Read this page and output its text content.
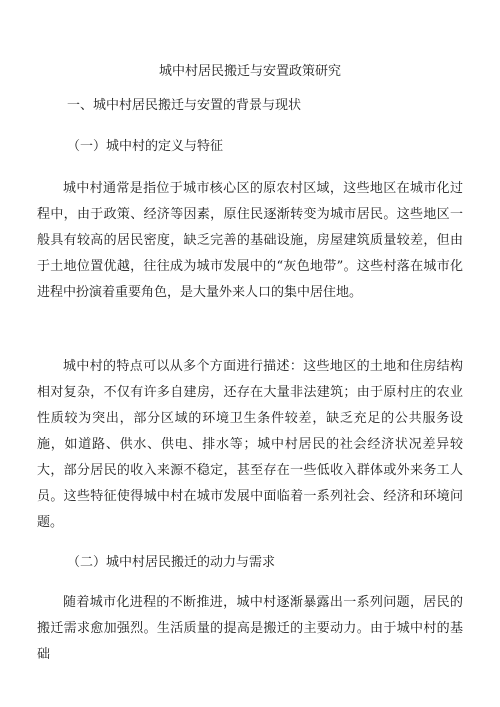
城中村居民搬迁与安置政策研究
一、城中村居民搬迁与安置的背景与现状
（一）城中村的定义与特征

城中村通常是指位于城市核心区的原农村区域，这些地区在城市化过程中，由于政策、经济等因素，原住民逐渐转变为城市居民。这些地区一般具有较高的居民密度，缺乏完善的基础设施，房屋建筑质量较差，但由于土地位置优越，往往成为城市发展中的“灰色地带”。这些村落在城市化进程中扮演着重要角色，是大量外来人口的集中居住地。

城中村的特点可以从多个方面进行描述：这些地区的土地和住房结构相对复杂，不仅有许多自建房，还存在大量非法建筑；由于原村庄的农业性质较为突出，部分区域的环境卫生条件较差，缺乏充足的公共服务设施，如道路、供水、供电、排水等；城中村居民的社会经济状况差异较大，部分居民的收入来源不稳定，甚至存在一些低收入群体或外来务工人员。这些特征使得城中村在城市发展中面临着一系列社会、经济和环境问题。

（二）城中村居民搬迁的动力与需求

随着城市化进程的不断推进，城中村逐渐暴露出一系列问题，居民的搬迁需求愈加强烈。生活质量的提高是搬迁的主要动力。由于城中村的基础
